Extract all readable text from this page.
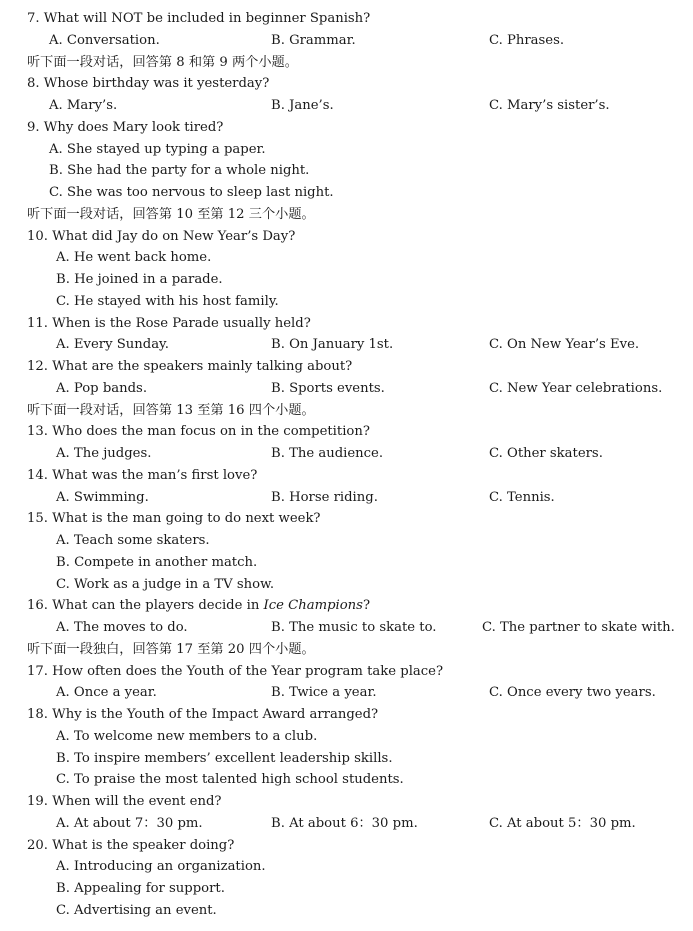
7. What will NOT be included in beginner Spanish?
A. Conversation.	B. Grammar.	C. Phrases.
听下面一段对话，回答第 8 和第 9 两个小题。
8. Whose birthday was it yesterday?
A. Mary’s.	B. Jane’s.	C. Mary’s sister’s.
9. Why does Mary look tired?
A. She stayed up typing a paper.
B. She had the party for a whole night.
C. She was too nervous to sleep last night.
听下面一段对话，回答第 10 至第 12 三个小题。
10. What did Jay do on New Year’s Day?
A. He went back home.
B. He joined in a parade.
C. He stayed with his host family.
11. When is the Rose Parade usually held?
A. Every Sunday.	B. On January 1st.	C. On New Year’s Eve.
12. What are the speakers mainly talking about?
A. Pop bands.	B. Sports events.	C. New Year celebrations.
听下面一段对话，回答第 13 至第 16 四个小题。
13. Who does the man focus on in the competition?
A. The judges.	B. The audience.	C. Other skaters.
14. What was the man’s first love?
A. Swimming.	B. Horse riding.	C. Tennis.
15. What is the man going to do next week?
A. Teach some skaters.
B. Compete in another match.
C. Work as a judge in a TV show.
16. What can the players decide in Ice Champions?
A. The moves to do.	B. The music to skate to.	C. The partner to skate with.
听下面一段独白，回答第 17 至第 20 四个小题。
17. How often does the Youth of the Year program take place?
A. Once a year.	B. Twice a year.	C. Once every two years.
18. Why is the Youth of the Impact Award arranged?
A. To welcome new members to a club.
B. To inspire members’ excellent leadership skills.
C. To praise the most talented high school students.
19. When will the event end?
A. At about 7：30 pm.	B. At about 6：30 pm.	C. At about 5：30 pm.
20. What is the speaker doing?
A. Introducing an organization.
B. Appealing for support.
C. Advertising an event.
